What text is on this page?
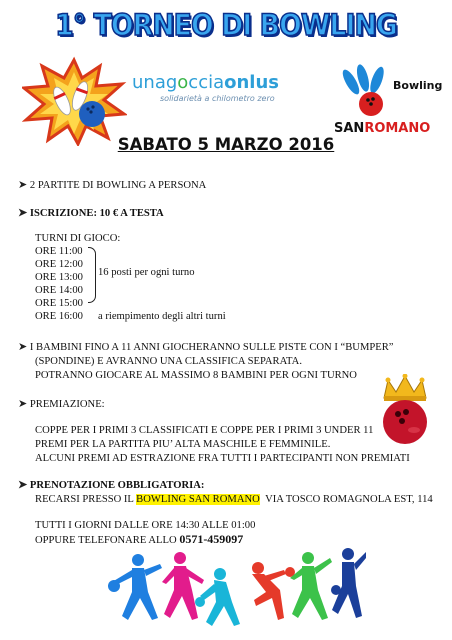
1° TORNEO DI BOWLING
unagocciaonlus
solidarietà a chilometro zero
Bowling
SANROMANO
SABATO 5 MARZO 2016
➤ 2 PARTITE DI BOWLING A PERSONA
➤ ISCRIZIONE: 10 € A TESTA
TURNI DI GIOCO:
ORE 11:00
ORE 12:00
ORE 13:00
ORE 14:00
ORE 15:00
ORE 16:00
16 posti per ogni turno
a riempimento degli altri turni
➤ I BAMBINI FINO A 11 ANNI GIOCHERANNO SULLE PISTE CON I “BUMPER”
(SPONDINE) E AVRANNO UNA CLASSIFICA SEPARATA.
POTRANNO GIOCARE AL MASSIMO 8 BAMBINI PER OGNI TURNO
➤ PREMIAZIONE:
COPPE PER I PRIMI 3 CLASSIFICATI E COPPE PER I PRIMI 3 UNDER 11
PREMI PER LA PARTITA PIU’ ALTA MASCHILE E FEMMINILE.
ALCUNI PREMI AD ESTRAZIONE FRA TUTTI I PARTECIPANTI NON PREMIATI
➤ PRENOTAZIONE OBBLIGATORIA:
RECARSI PRESSO IL BOWLING SAN ROMANO VIA TOSCO ROMAGNOLA EST, 114
TUTTI I GIORNI DALLE ORE 14:30 ALLE 01:00
OPPURE TELEFONARE ALLO 0571-459097
